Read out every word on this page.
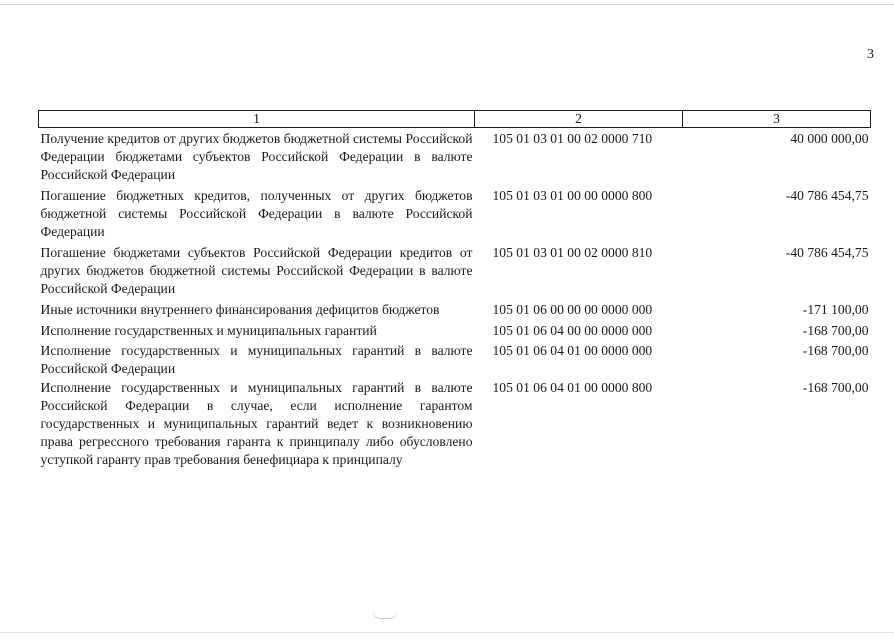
3
1	2	3
Получение кредитов от других бюджетов бюджетной системы Российской Федерации бюджетами субъектов Российской Федерации в валюте Российской Федерации	105 01 03 01 00 02 0000 710	40 000 000,00
Погашение бюджетных кредитов, полученных от других бюджетов бюджетной системы Российской Федерации в валюте Российской Федерации	105 01 03 01 00 00 0000 800	-40 786 454,75
Погашение бюджетами субъектов Российской Федерации кредитов от других бюджетов бюджетной системы Российской Федерации в валюте Российской Федерации	105 01 03 01 00 02 0000 810	-40 786 454,75
Иные источники внутреннего финансирования дефицитов бюджетов	105 01 06 00 00 00 0000 000	-171 100,00
Исполнение государственных и муниципальных гарантий	105 01 06 04 00 00 0000 000	-168 700,00
Исполнение государственных и муниципальных гарантий в валюте Российской Федерации	105 01 06 04 01 00 0000 000	-168 700,00
Исполнение государственных и муниципальных гарантий в валюте Российской Федерации в случае, если исполнение гарантом государственных и муниципальных гарантий ведет к возникновению права регрессного требования гаранта к принципалу либо обусловлено уступкой гаранту прав требования бенефициара к принципалу	105 01 06 04 01 00 0000 800	-168 700,00
